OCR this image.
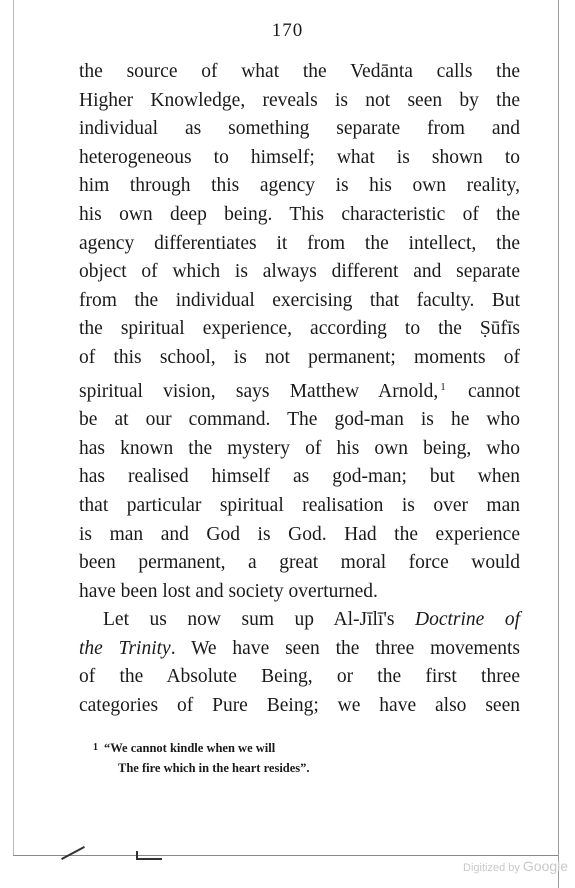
170
the source of what the Vedānta calls the
Higher Knowledge, reveals is not seen by the
individual as something separate from and
heterogeneous to himself; what is shown to
him through this agency is his own reality,
his own deep being. This characteristic of the
agency differentiates it from the intellect, the
object of which is always different and separate
from the individual exercising that faculty. But
the spiritual experience, according to the Ṣūfīs
of this school, is not permanent; moments of
spiritual vision, says Matthew Arnold, $^1$ cannot
be at our command. The god-man is he who
has known the mystery of his own being, who
has realised himself as god-man; but when
that particular spiritual realisation is over man
is man and God is God. Had the experience
been permanent, a great moral force would
have been lost and society overturned.
Let us now sum up Al-Jīlī's Doctrine of
the Trinity. We have seen the three movements
of the Absolute Being, or the first three
categories of Pure Being; we have also seen
1 “We cannot kindle when we will
The fire which in the heart resides”.
Digitized by Google
